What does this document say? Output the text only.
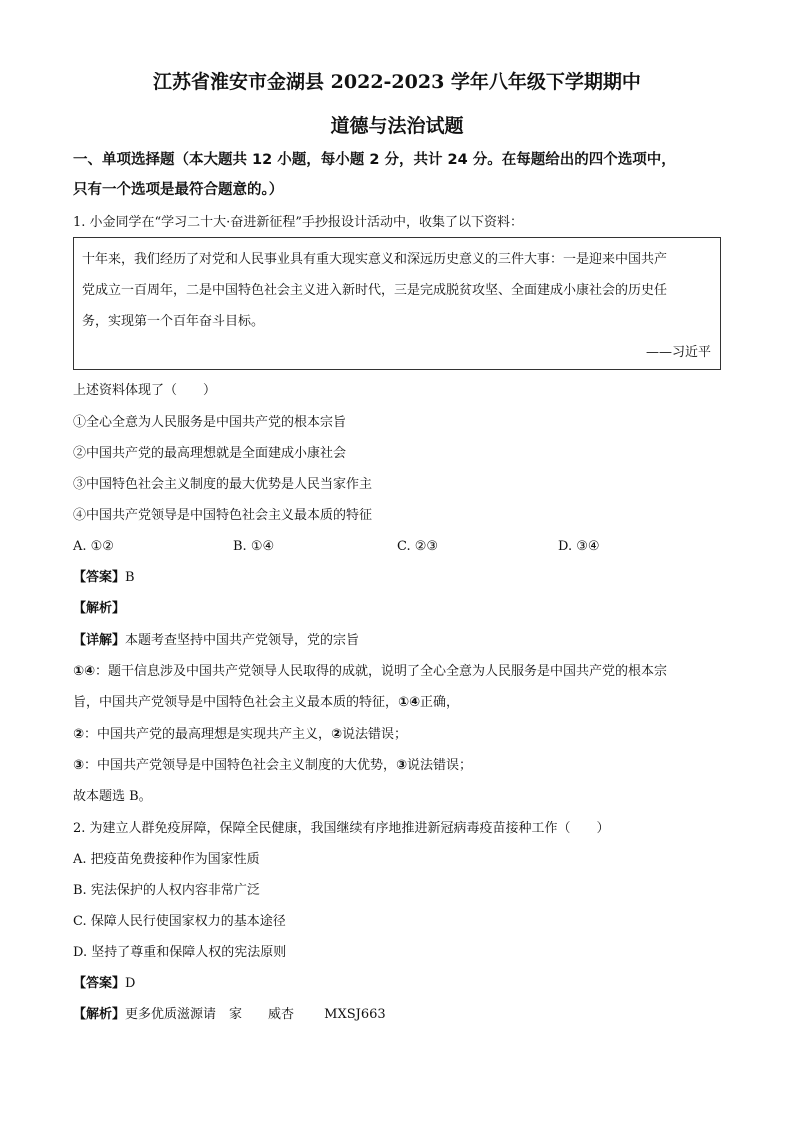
江苏省淮安市金湖县 2022-2023 学年八年级下学期期中
道德与法治试题
一、单项选择题（本大题共 12 小题，每小题 2 分，共计 24 分。在每题给出的四个选项中，
只有一个选项是最符合题意的。）
1. 小金同学在“学习二十大·奋进新征程”手抄报设计活动中，收集了以下资料：
十年来，我们经历了对党和人民事业具有重大现实意义和深远历史意义的三件大事：一是迎来中国共产
党成立一百周年，二是中国特色社会主义进入新时代，三是完成脱贫攻坚、全面建成小康社会的历史任
务，实现第一个百年奋斗目标。
——习近平
上述资料体现了（　　）
①全心全意为人民服务是中国共产党的根本宗旨
②中国共产党的最高理想就是全面建成小康社会
③中国特色社会主义制度的最大优势是人民当家作主
④中国共产党领导是中国特色社会主义最本质的特征
A. ①②	B. ①④	C. ②③	D. ③④
【答案】B
【解析】
【详解】本题考查坚持中国共产党领导，党的宗旨
①④：题干信息涉及中国共产党领导人民取得的成就，说明了全心全意为人民服务是中国共产党的根本宗
旨，中国共产党领导是中国特色社会主义最本质的特征，①④正确，
②：中国共产党的最高理想是实现共产主义，②说法错误；
③：中国共产党领导是中国特色社会主义制度的大优势，③说法错误；
故本题选 B。
2. 为建立人群免疫屏障，保障全民健康，我国继续有序地推进新冠病毒疫苗接种工作（　　）
A. 把疫苗免费接种作为国家性质
B. 宪法保护的人权内容非常广泛
C. 保障人民行使国家权力的基本途径
D. 坚持了尊重和保障人权的宪法原则
【答案】D
【解析】更多优质滋源请　家　　威杏　　 MXSJ663
